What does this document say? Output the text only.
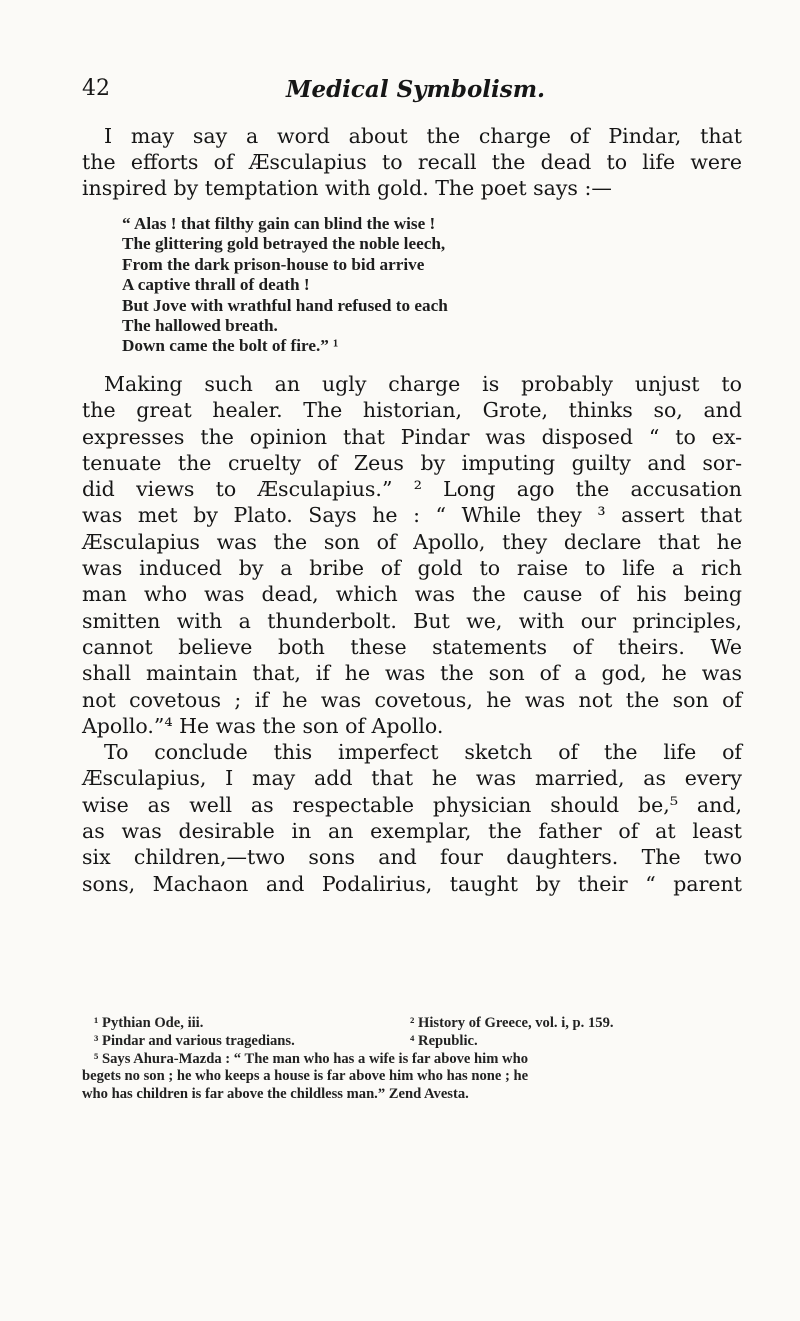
42	Medical Symbolism.
I may say a word about the charge of Pindar, that
the efforts of Æsculapius to recall the dead to life were
inspired by temptation with gold. The poet says :—
“ Alas ! that filthy gain can blind the wise !
The glittering gold betrayed the noble leech,
From the dark prison-house to bid arrive
A captive thrall of death !
But Jove with wrathful hand refused to each
The hallowed breath.
Down came the bolt of fire.” ¹
Making such an ugly charge is probably unjust to
the great healer. The historian, Grote, thinks so, and
expresses the opinion that Pindar was disposed “ to ex-
tenuate the cruelty of Zeus by imputing guilty and sor-
did views to Æsculapius.” ² Long ago the accusation
was met by Plato. Says he : “ While they ³ assert that
Æsculapius was the son of Apollo, they declare that he
was induced by a bribe of gold to raise to life a rich
man who was dead, which was the cause of his being
smitten with a thunderbolt. But we, with our principles,
cannot believe both these statements of theirs. We
shall maintain that, if he was the son of a god, he was
not covetous ; if he was covetous, he was not the son of
Apollo.”⁴ He was the son of Apollo.
To conclude this imperfect sketch of the life of
Æsculapius, I may add that he was married, as every
wise as well as respectable physician should be,⁵ and,
as was desirable in an exemplar, the father of at least
six children,—two sons and four daughters. The two
sons, Machaon and Podalirius, taught by their “ parent
¹ Pythian Ode, iii.	² History of Greece, vol. i, p. 159.
³ Pindar and various tragedians.	⁴ Republic.
⁵ Says Ahura-Mazda : “ The man who has a wife is far above him who
begets no son ; he who keeps a house is far above him who has none ; he
who has children is far above the childless man.” Zend Avesta.
